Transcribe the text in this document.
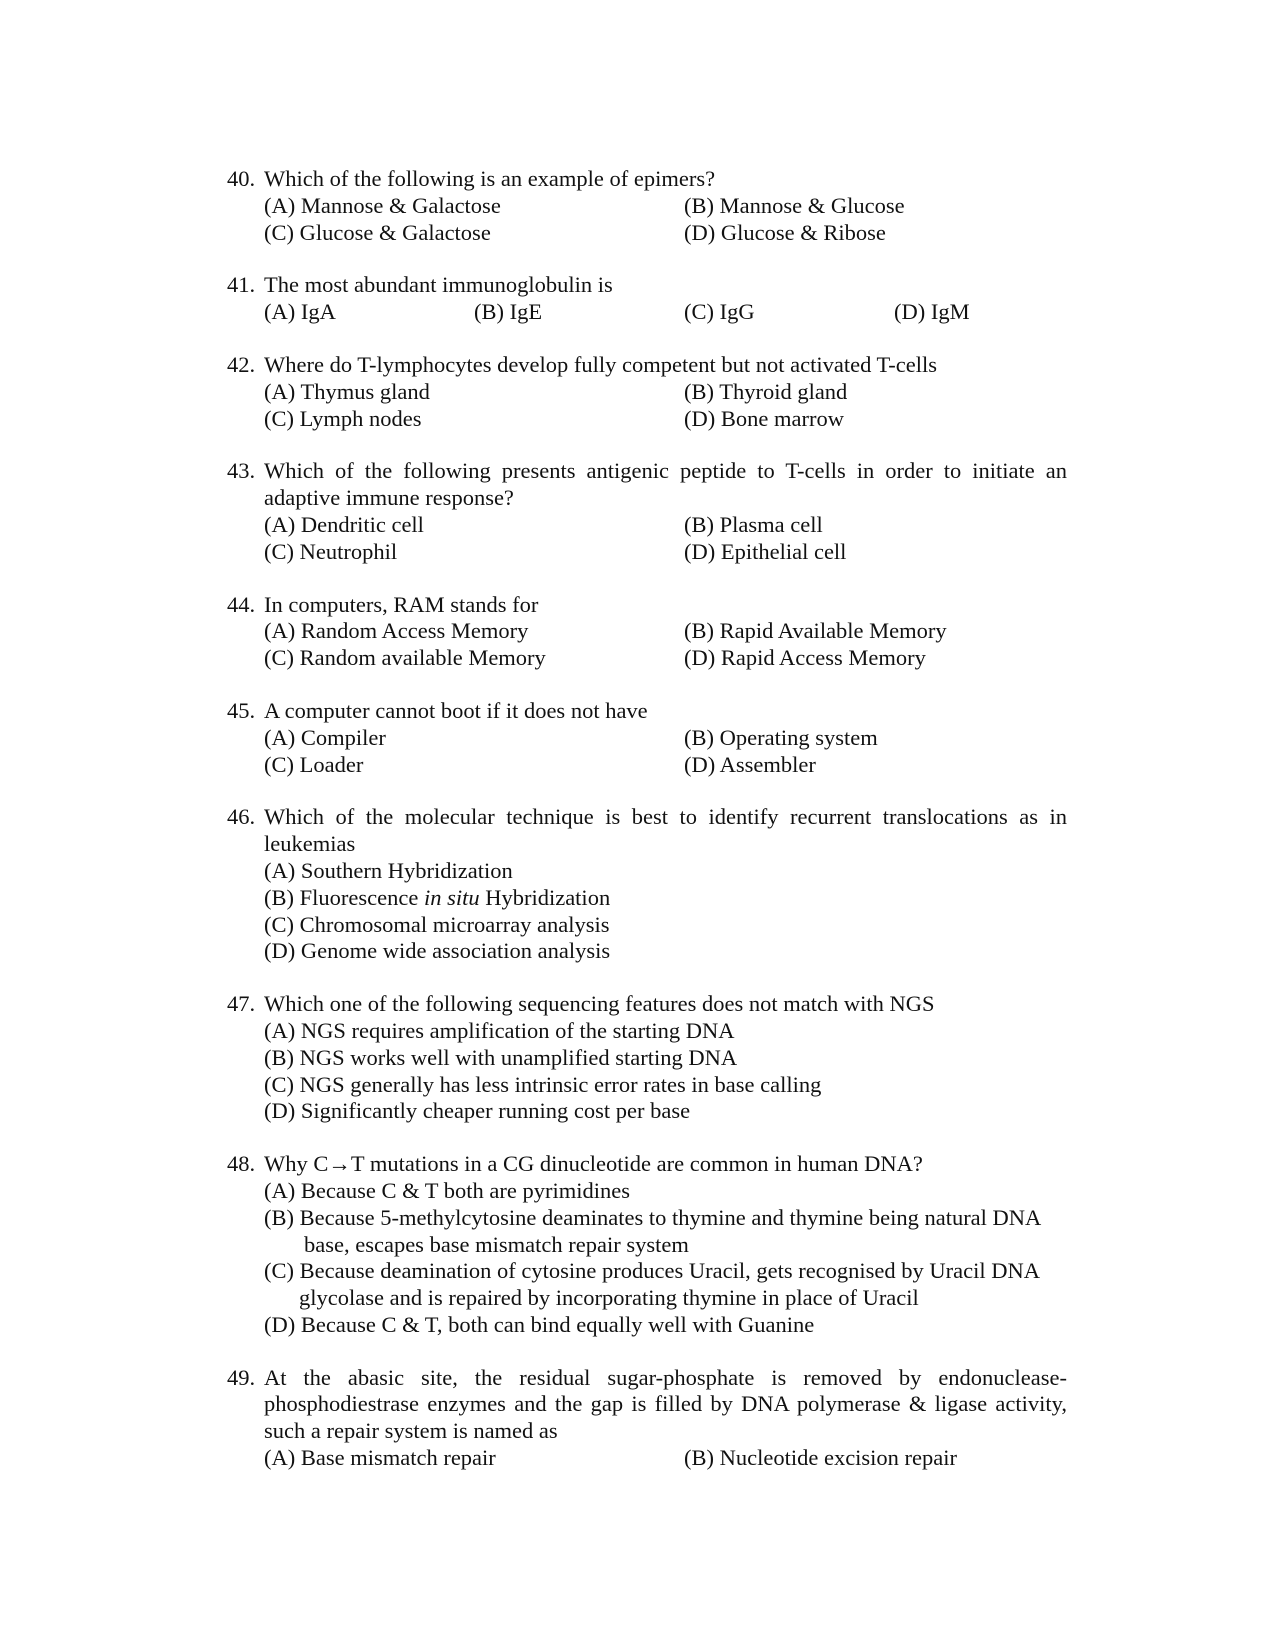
40. Which of the following is an example of epimers?
(A) Mannose & Galactose	(B) Mannose & Glucose
(C) Glucose & Galactose	(D) Glucose & Ribose
41. The most abundant immunoglobulin is
(A) IgA	(B) IgE	(C) IgG	(D) IgM
42. Where do T-lymphocytes develop fully competent but not activated T-cells
(A) Thymus gland	(B) Thyroid gland
(C) Lymph nodes	(D) Bone marrow
43. Which of the following presents antigenic peptide to T-cells in order to initiate an adaptive immune response?
(A) Dendritic cell	(B) Plasma cell
(C) Neutrophil	(D) Epithelial cell
44. In computers, RAM stands for
(A) Random Access Memory	(B) Rapid Available Memory
(C) Random available Memory	(D) Rapid Access Memory
45. A computer cannot boot if it does not have
(A) Compiler	(B) Operating system
(C) Loader	(D) Assembler
46. Which of the molecular technique is best to identify recurrent translocations as in leukemias
(A) Southern Hybridization
(B) Fluorescence in situ Hybridization
(C) Chromosomal microarray analysis
(D) Genome wide association analysis
47. Which one of the following sequencing features does not match with NGS
(A) NGS requires amplification of the starting DNA
(B) NGS works well with unamplified starting DNA
(C) NGS generally has less intrinsic error rates in base calling
(D) Significantly cheaper running cost per base
48. Why C→T mutations in a CG dinucleotide are common in human DNA?
(A) Because C & T both are pyrimidines
(B) Because 5-methylcytosine deaminates to thymine and thymine being natural DNA
base, escapes base mismatch repair system
(C) Because deamination of cytosine produces Uracil, gets recognised by Uracil DNA
glycolase and is repaired by incorporating thymine in place of Uracil
(D) Because C & T, both can bind equally well with Guanine
49. At the abasic site, the residual sugar-phosphate is removed by endonuclease-phosphodiestrase enzymes and the gap is filled by DNA polymerase & ligase activity, such a repair system is named as
(A) Base mismatch repair	(B) Nucleotide excision repair
